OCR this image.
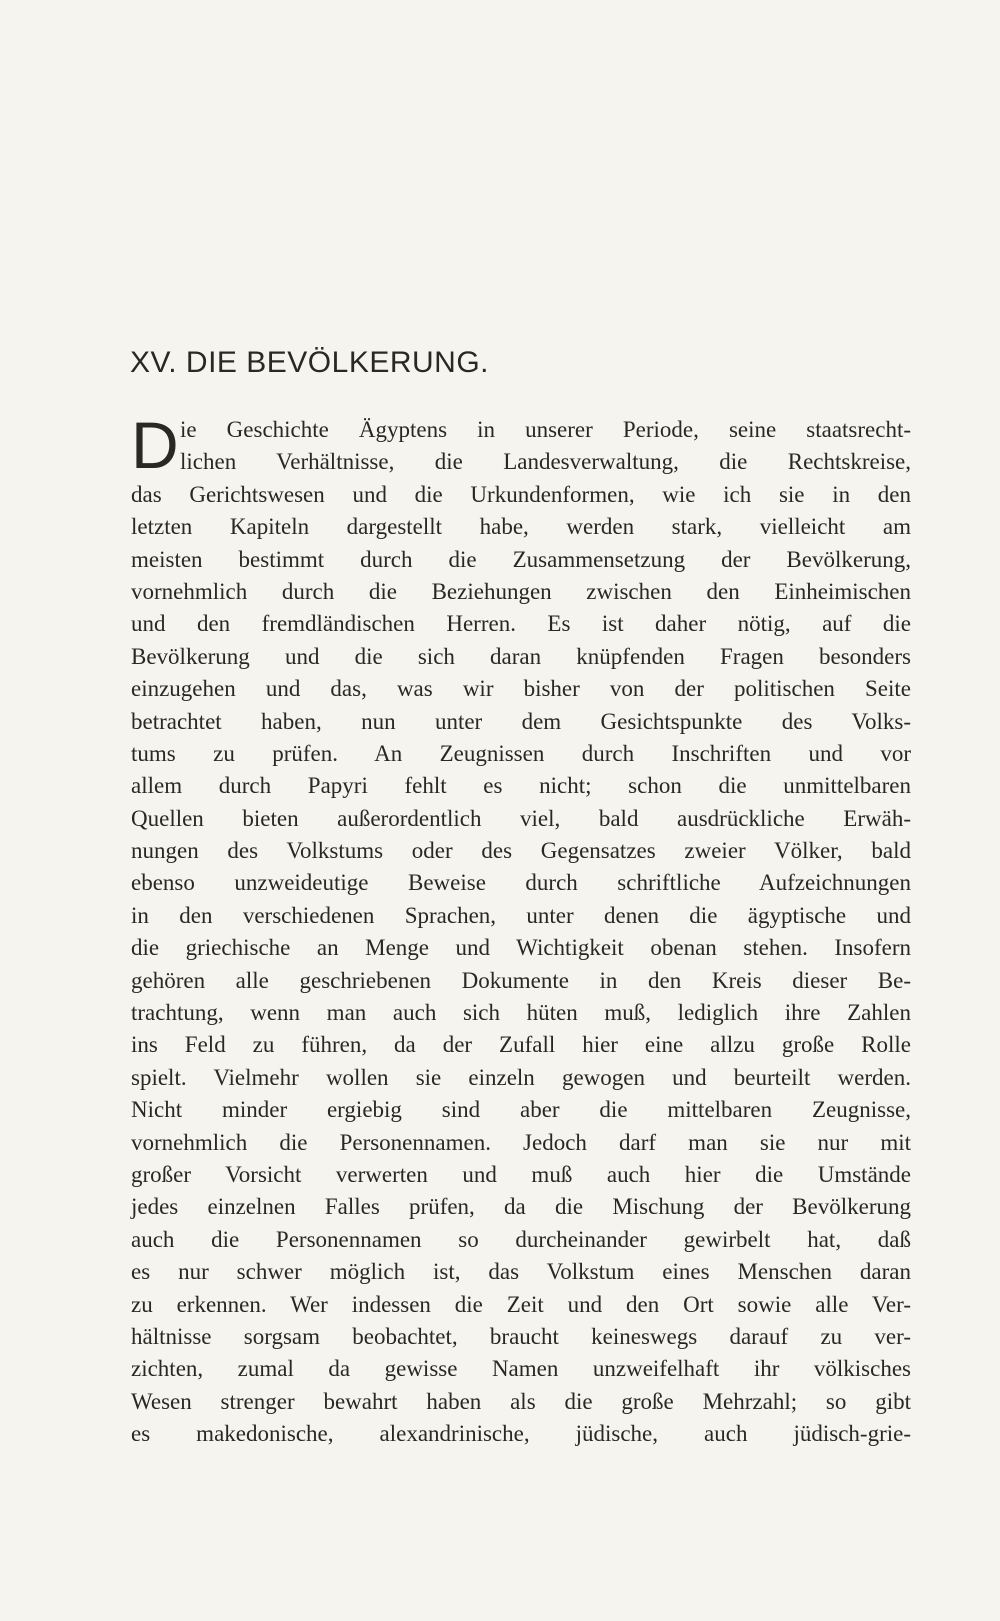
XV. DIE BEVÖLKERUNG.
D ie Geschichte Ägyptens in unserer Periode, seine staatsrecht-
lichen Verhältnisse, die Landesverwaltung, die Rechtskreise,
das Gerichtswesen und die Urkundenformen, wie ich sie in den
letzten Kapiteln dargestellt habe, werden stark, vielleicht am
meisten bestimmt durch die Zusammensetzung der Bevölkerung,
vornehmlich durch die Beziehungen zwischen den Einheimischen
und den fremdländischen Herren. Es ist daher nötig, auf die
Bevölkerung und die sich daran knüpfenden Fragen besonders
einzugehen und das, was wir bisher von der politischen Seite
betrachtet haben, nun unter dem Gesichtspunkte des Volks-
tums zu prüfen. An Zeugnissen durch Inschriften und vor
allem durch Papyri fehlt es nicht; schon die unmittelbaren
Quellen bieten außerordentlich viel, bald ausdrückliche Erwäh-
nungen des Volkstums oder des Gegensatzes zweier Völker, bald
ebenso unzweideutige Beweise durch schriftliche Aufzeichnungen
in den verschiedenen Sprachen, unter denen die ägyptische und
die griechische an Menge und Wichtigkeit obenan stehen. Insofern
gehören alle geschriebenen Dokumente in den Kreis dieser Be-
trachtung, wenn man auch sich hüten muß, lediglich ihre Zahlen
ins Feld zu führen, da der Zufall hier eine allzu große Rolle
spielt. Vielmehr wollen sie einzeln gewogen und beurteilt werden.
Nicht minder ergiebig sind aber die mittelbaren Zeugnisse,
vornehmlich die Personennamen. Jedoch darf man sie nur mit
großer Vorsicht verwerten und muß auch hier die Umstände
jedes einzelnen Falles prüfen, da die Mischung der Bevölkerung
auch die Personennamen so durcheinander gewirbelt hat, daß
es nur schwer möglich ist, das Volkstum eines Menschen daran
zu erkennen. Wer indessen die Zeit und den Ort sowie alle Ver-
hältnisse sorgsam beobachtet, braucht keineswegs darauf zu ver-
zichten, zumal da gewisse Namen unzweifelhaft ihr völkisches
Wesen strenger bewahrt haben als die große Mehrzahl; so gibt
es makedonische, alexandrinische, jüdische, auch jüdisch-grie-
